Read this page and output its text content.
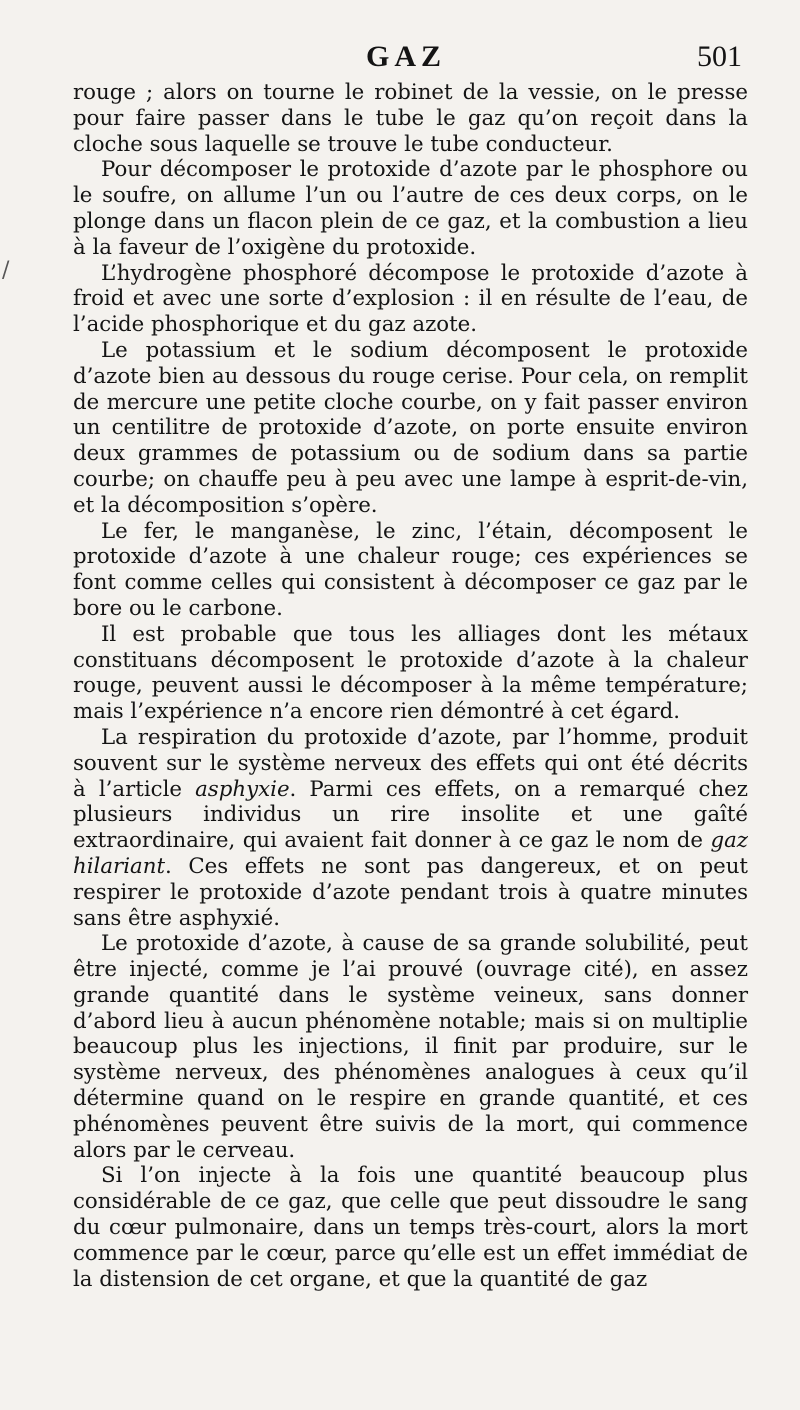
GAZ	501
/

rouge ; alors on tourne le robinet de la vessie, on le presse pour faire passer dans le tube le gaz qu’on reçoit dans la cloche sous laquelle se trouve le tube conducteur.

Pour décomposer le protoxide d’azote par le phosphore ou le soufre, on allume l’un ou l’autre de ces deux corps, on le plonge dans un flacon plein de ce gaz, et la combustion a lieu à la faveur de l’oxigène du protoxide.

L’hydrogène phosphoré décompose le protoxide d’azote à froid et avec une sorte d’explosion : il en résulte de l’eau, de l’acide phosphorique et du gaz azote.

Le potassium et le sodium décomposent le protoxide d’azote bien au dessous du rouge cerise. Pour cela, on remplit de mercure une petite cloche courbe, on y fait passer environ un centilitre de protoxide d’azote, on porte ensuite environ deux grammes de potassium ou de sodium dans sa partie courbe; on chauffe peu à peu avec une lampe à esprit-de-vin, et la décomposition s’opère.

Le fer, le manganèse, le zinc, l’étain, décomposent le protoxide d’azote à une chaleur rouge; ces expériences se font comme celles qui consistent à décomposer ce gaz par le bore ou le carbone.

Il est probable que tous les alliages dont les métaux constituans décomposent le protoxide d’azote à la chaleur rouge, peuvent aussi le décomposer à la même température; mais l’expérience n’a encore rien démontré à cet égard.

La respiration du protoxide d’azote, par l’homme, produit souvent sur le système nerveux des effets qui ont été décrits à l’article asphyxie. Parmi ces effets, on a remarqué chez plusieurs individus un rire insolite et une gaîté extraordinaire, qui avaient fait donner à ce gaz le nom de gaz hilariant. Ces effets ne sont pas dangereux, et on peut respirer le protoxide d’azote pendant trois à quatre minutes sans être asphyxié.

Le protoxide d’azote, à cause de sa grande solubilité, peut être injecté, comme je l’ai prouvé (ouvrage cité), en assez grande quantité dans le système veineux, sans donner d’abord lieu à aucun phénomène notable; mais si on multiplie beaucoup plus les injections, il finit par produire, sur le système nerveux, des phénomènes analogues à ceux qu’il détermine quand on le respire en grande quantité, et ces phénomènes peuvent être suivis de la mort, qui commence alors par le cerveau.

Si l’on injecte à la fois une quantité beaucoup plus considérable de ce gaz, que celle que peut dissoudre le sang du cœur pulmonaire, dans un temps très-court, alors la mort commence par le cœur, parce qu’elle est un effet immédiat de la distension de cet organe, et que la quantité de gaz
